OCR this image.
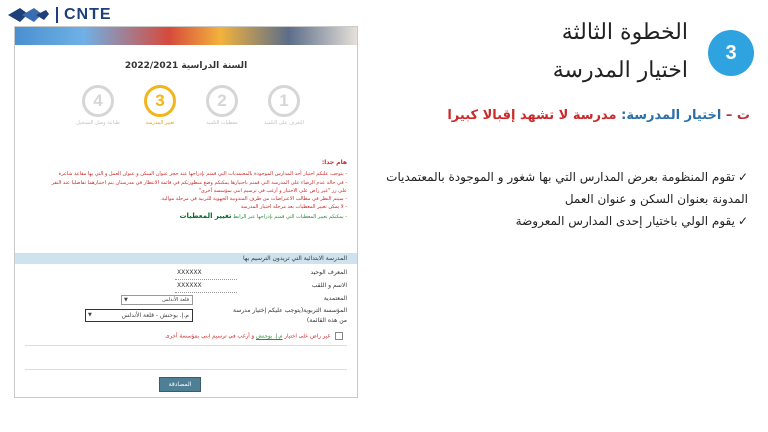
CNTE
السنة الدراسية 2022/2021
4
طباعة وصل التسجيل
3
تغيير المدرسة
2
معطيات التلميذ
1
التعرف على التلميذ
هام جدا:
- يتوجب عليكم اختيار أحد المدارس الموجودة بالمعتمديات التي قمتم بإدراجها عند حجز عنوان السكن و عنوان العمل و التي بها مقاعد شاغرة
- في حالة عدم الرضاء على المدرسة التي قمتم باختيارها يمكنكم وضع منظورتكم في قائمة الانتظار في مدرستان يتم اختيارهما تفاضليا عند النقر
على زر "غير راض على الاختيار و أرغب في ترسيم ابني بمؤسسة أخرى"
- سيتم النظر في مطالب الاعتراضات من طرف المندوبية الجهوية للتربية في مرحلة موالية.
- لا يمكن تغيير المعطيات بعد مرحلة اختيار المدرسة
- يمكنكم تغيير المعطيات التي قمتم بإدراجها عبر الرابط تغيير المعطيات
المدرسة الابتدائية التي تريدون الترسيم بها
المعرف الوحيد
XXXXXX
الاسم و اللقب
XXXXXX
المعتمدية
قلعة الأندلس
▼
المؤسسة التربوية(يتوجب عليكم إختيار مدرسة من هذه القائمة)
م.إ. بوحنش - قلعة الأندلس
▼
غير راض على اختيار م.إ. بوحنش و أرغب في ترسيم ابني بمؤسسة أخرى
المصادقة
3
الخطوة الثالثة
اختيار المدرسة
ت – اختيار المدرسة: مدرسة لا تشهد إقبالا كبيرا
✓تقوم المنظومة بعرض المدارس التي بها شغور و الموجودة بالمعتمديات المدونة بعنوان السكن و عنوان العمل
✓يقوم الولي باختيار إحدى المدارس المعروضة
